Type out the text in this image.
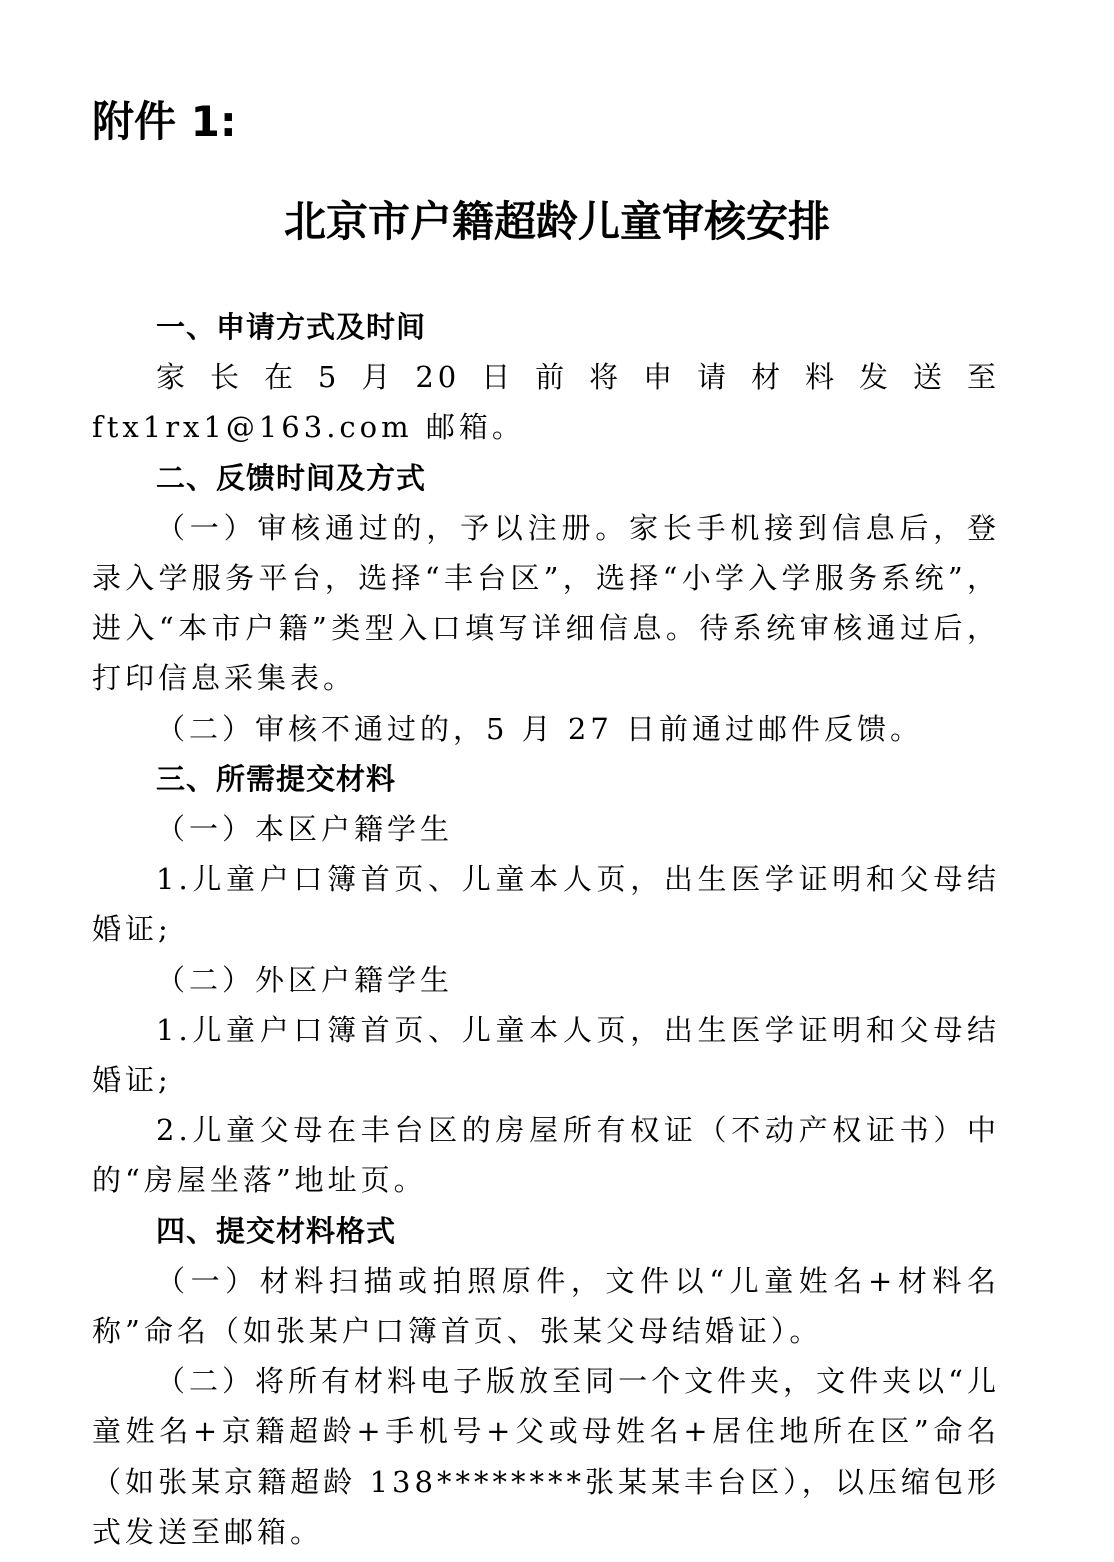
附件 1:
北京市户籍超龄儿童审核安排

一、申请方式及时间

家长在5月20日前将申请材料发送至 ftx1rx1@163.com 邮箱。

二、反馈时间及方式

（一）审核通过的，予以注册。家长手机接到信息后，登录入学服务平台，选择“丰台区”，选择“小学入学服务系统”，进入“本市户籍”类型入口填写详细信息。待系统审核通过后，打印信息采集表。

（二）审核不通过的，5 月 27 日前通过邮件反馈。

三、所需提交材料

（一）本区户籍学生

1.儿童户口簿首页、儿童本人页，出生医学证明和父母结婚证;

（二）外区户籍学生

1.儿童户口簿首页、儿童本人页，出生医学证明和父母结婚证;

2.儿童父母在丰台区的房屋所有权证（不动产权证书）中的“房屋坐落”地址页。

四、提交材料格式

（一）材料扫描或拍照原件，文件以“儿童姓名+材料名称”命名（如张某户口簿首页、张某父母结婚证）。

（二）将所有材料电子版放至同一个文件夹，文件夹以“儿童姓名+京籍超龄+手机号+父或母姓名+居住地所在区”命名（如张某京籍超龄 138********张某某丰台区），以压缩包形式发送至邮箱。
